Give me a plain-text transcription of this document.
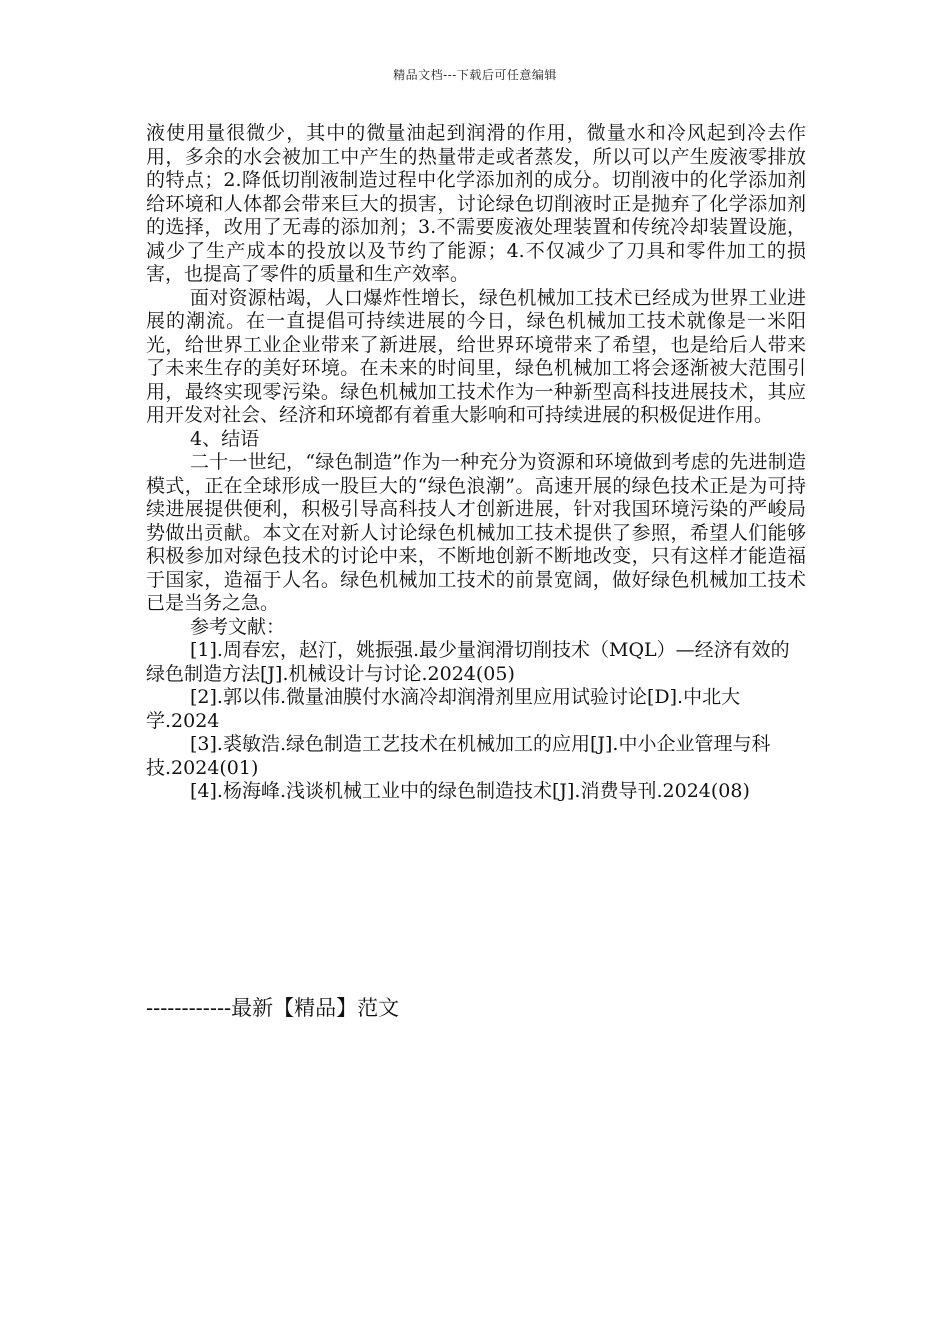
精品文档---下载后可任意编辑

液使用量很微少，其中的微量油起到润滑的作用，微量水和冷风起到冷去作用，多余的水会被加工中产生的热量带走或者蒸发，所以可以产生废液零排放的特点；2.降低切削液制造过程中化学添加剂的成分。切削液中的化学添加剂给环境和人体都会带来巨大的损害，讨论绿色切削液时正是抛弃了化学添加剂的选择，改用了无毒的添加剂；3.不需要废液处理装置和传统冷却装置设施，减少了生产成本的投放以及节约了能源；4.不仅减少了刀具和零件加工的损害，也提高了零件的质量和生产效率。

面对资源枯竭，人口爆炸性增长，绿色机械加工技术已经成为世界工业进展的潮流。在一直提倡可持续进展的今日，绿色机械加工技术就像是一米阳光，给世界工业企业带来了新进展，给世界环境带来了希望，也是给后人带来了未来生存的美好环境。在未来的时间里，绿色机械加工将会逐渐被大范围引用，最终实现零污染。绿色机械加工技术作为一种新型高科技进展技术，其应用开发对社会、经济和环境都有着重大影响和可持续进展的积极促进作用。

4、结语

二十一世纪，“绿色制造”作为一种充分为资源和环境做到考虑的先进制造模式，正在全球形成一股巨大的“绿色浪潮”。高速开展的绿色技术正是为可持续进展提供便利，积极引导高科技人才创新进展，针对我国环境污染的严峻局势做出贡献。本文在对新人讨论绿色机械加工技术提供了参照，希望人们能够积极参加对绿色技术的讨论中来，不断地创新不断地改变，只有这样才能造福于国家，造福于人名。绿色机械加工技术的前景宽阔，做好绿色机械加工技术已是当务之急。

参考文献：

[1].周春宏，赵汀，姚振强.最少量润滑切削技术（MQL）—经济有效的绿色制造方法[J].机械设计与讨论.2024(05)

[2].郭以伟.微量油膜付水滴冷却润滑剂里应用试验讨论[D].中北大学.2024

[3].裘敏浩.绿色制造工艺技术在机械加工的应用[J].中小企业管理与科技.2024(01)

[4].杨海峰.浅谈机械工业中的绿色制造技术[J].消费导刊.2024(08)

------------最新【精品】范文
